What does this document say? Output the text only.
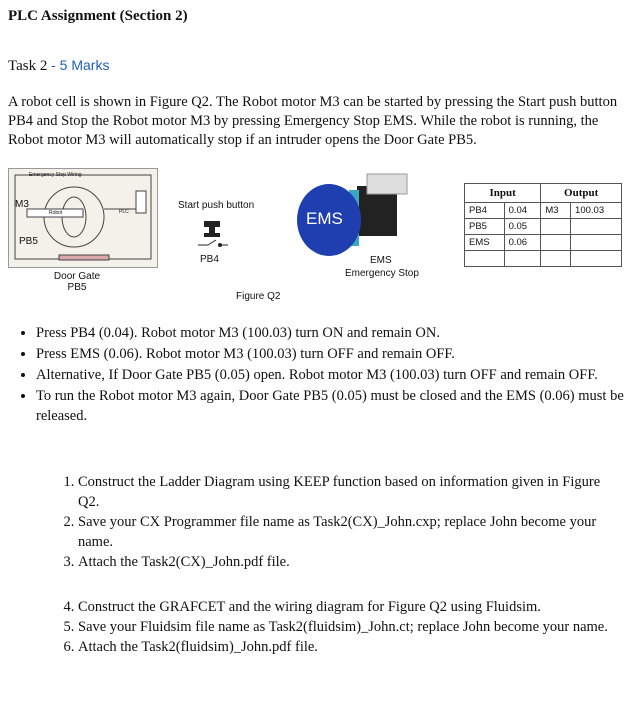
PLC Assignment (Section 2)
Task 2 - 5 Marks
A robot cell is shown in Figure Q2. The Robot motor M3 can be started by pressing the Start push button PB4 and Stop the Robot motor M3 by pressing Emergency Stop EMS. While the robot is running, the Robot motor M3 will automatically stop if an intruder opens the Door Gate PB5.
Emergency Stop Wiring
M3
Robot	PLC
PB5
Door Gate
PB5
Start push button
PB4
EMS
EMS
Emergency Stop
Figure Q2
Input		Output	
PB4	0.04	M3	100.03
PB5	0.05		
EMS	0.06		

• Press PB4 (0.04). Robot motor M3 (100.03) turn ON and remain ON.
• Press EMS (0.06). Robot motor M3 (100.03) turn OFF and remain OFF.
• Alternative, If Door Gate PB5 (0.05) open. Robot motor M3 (100.03) turn OFF and remain OFF.
• To run the Robot motor M3 again, Door Gate PB5 (0.05) must be closed and the EMS (0.06) must be released.
1. Construct the Ladder Diagram using KEEP function based on information given in Figure Q2.
2. Save your CX Programmer file name as Task2(CX)_John.cxp; replace John become your name.
3. Attach the Task2(CX)_John.pdf file.
4. Construct the GRAFCET and the wiring diagram for Figure Q2 using Fluidsim.
5. Save your Fluidsim file name as Task2(fluidsim)_John.ct; replace John become your name.
6. Attach the Task2(fluidsim)_John.pdf file.
